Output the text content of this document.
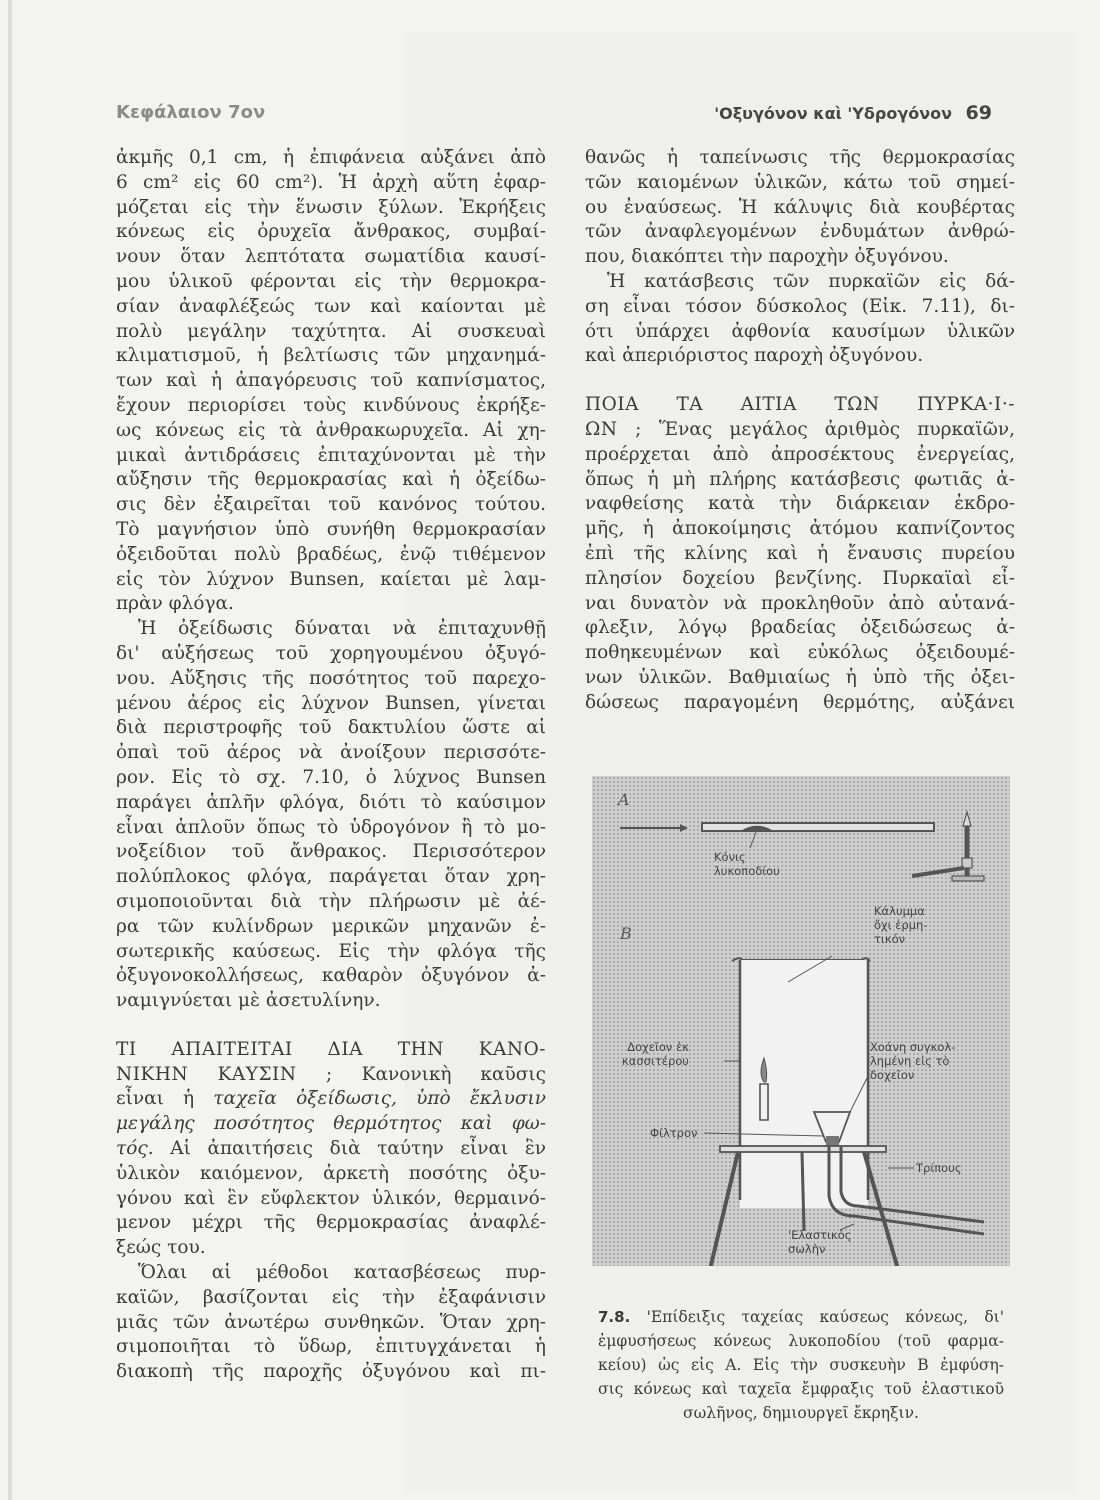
Κεφάλαιον 7ον	'Οξυγόνον καὶ 'Υδρογόνον 69
ἀκμῆς 0,1 cm, ἡ ἐπιφάνεια αὐξάνει ἀπὸ
6 cm² εἰς 60 cm²). Ἡ ἀρχὴ αὕτη ἐφαρ-
μόζεται εἰς τὴν ἕνωσιν ξύλων. Ἐκρήξεις
κόνεως εἰς ὀρυχεῖα ἄνθρακος, συμβαί-
νουν ὅταν λεπτότατα σωματίδια καυσί-
μου ὑλικοῦ φέρονται εἰς τὴν θερμοκρα-
σίαν ἀναφλέξεώς των καὶ καίονται μὲ
πολὺ μεγάλην ταχύτητα. Αἱ συσκευαὶ
κλιματισμοῦ, ἡ βελτίωσις τῶν μηχανημά-
των καὶ ἡ ἀπαγόρευσις τοῦ καπνίσματος,
ἔχουν περιορίσει τοὺς κινδύνους ἐκρήξε-
ως κόνεως εἰς τὰ ἀνθρακωρυχεῖα. Αἱ χη-
μικαὶ ἀντιδράσεις ἐπιταχύνονται μὲ τὴν
αὔξησιν τῆς θερμοκρασίας καὶ ἡ ὀξείδω-
σις δὲν ἐξαιρεῖται τοῦ κανόνος τούτου.
Τὸ μαγνήσιον ὑπὸ συνήθη θερμοκρασίαν
ὀξειδοῦται πολὺ βραδέως, ἐνῷ τιθέμενον
εἰς τὸν λύχνον Bunsen, καίεται μὲ λαμ-
πρὰν φλόγα.
Ἡ ὀξείδωσις δύναται νὰ ἐπιταχυνθῇ
δι' αὐξήσεως τοῦ χορηγουμένου ὀξυγό-
νου. Αὔξησις τῆς ποσότητος τοῦ παρεχο-
μένου ἀέρος εἰς λύχνον Bunsen, γίνεται
διὰ περιστροφῆς τοῦ δακτυλίου ὥστε αἱ
ὀπαὶ τοῦ ἀέρος νὰ ἀνοίξουν περισσότε-
ρον. Εἰς τὸ σχ. 7.10, ὁ λύχνος Bunsen
παράγει ἁπλῆν φλόγα, διότι τὸ καύσιμον
εἶναι ἁπλοῦν ὅπως τὸ ὑδρογόνον ἢ τὸ μο-
νοξείδιον τοῦ ἄνθρακος. Περισσότερον
πολύπλοκος φλόγα, παράγεται ὅταν χρη-
σιμοποιοῦνται διὰ τὴν πλήρωσιν μὲ ἀέ-
ρα τῶν κυλίνδρων μερικῶν μηχανῶν ἐ-
σωτερικῆς καύσεως. Εἰς τὴν φλόγα τῆς
ὀξυγονοκολλήσεως, καθαρὸν ὀξυγόνον ἀ-
ναμιγνύεται μὲ ἀσετυλίνην.
ΤΙ ΑΠΑΙΤΕΙΤΑΙ ΔΙΑ ΤΗΝ ΚΑΝΟ-
ΝΙΚΗΝ ΚΑΥΣΙΝ ; Κανονικὴ καῦσις
εἶναι ἡ ταχεῖα ὀξείδωσις, ὑπὸ ἔκλυσιν
μεγάλης ποσότητος θερμότητος καὶ φω-
τός. Αἱ ἀπαιτήσεις διὰ ταύτην εἶναι ἓν
ὑλικὸν καιόμενον, ἀρκετὴ ποσότης ὀξυ-
γόνου καὶ ἓν εὔφλεκτον ὑλικόν, θερμαινό-
μενον μέχρι τῆς θερμοκρασίας ἀναφλέ-
ξεώς του.
Ὅλαι αἱ μέθοδοι κατασβέσεως πυρ-
καϊῶν, βασίζονται εἰς τὴν ἐξαφάνισιν
μιᾶς τῶν ἀνωτέρω συνθηκῶν. Ὅταν χρη-
σιμοποιῆται τὸ ὕδωρ, ἐπιτυγχάνεται ἡ
διακοπὴ τῆς παροχῆς ὀξυγόνου καὶ πι-
θανῶς ἡ ταπείνωσις τῆς θερμοκρασίας
τῶν καιομένων ὑλικῶν, κάτω τοῦ σημεί-
ου ἐναύσεως. Ἡ κάλυψις διὰ κουβέρτας
τῶν ἀναφλεγομένων ἐνδυμάτων ἀνθρώ-
που, διακόπτει τὴν παροχὴν ὀξυγόνου.
Ἡ κατάσβεσις τῶν πυρκαϊῶν εἰς δά-
ση εἶναι τόσον δύσκολος (Εἰκ. 7.11), δι-
ότι ὑπάρχει ἀφθονία καυσίμων ὑλικῶν
καὶ ἀπεριόριστος παροχὴ ὀξυγόνου.
ΠΟΙΑ ΤΑ ΑΙΤΙΑ ΤΩΝ ΠΥΡΚΑ·Ι·-
ΩΝ ; Ἕνας μεγάλος ἀριθμὸς πυρκαϊῶν,
προέρχεται ἀπὸ ἀπροσέκτους ἐνεργείας,
ὅπως ἡ μὴ πλήρης κατάσβεσις φωτιᾶς ἀ-
ναφθείσης κατὰ τὴν διάρκειαν ἐκδρο-
μῆς, ἡ ἀποκοίμησις ἀτόμου καπνίζοντος
ἐπὶ τῆς κλίνης καὶ ἡ ἔναυσις πυρείου
πλησίον δοχείου βενζίνης. Πυρκαϊαὶ εἶ-
ναι δυνατὸν νὰ προκληθοῦν ἀπὸ αὐτανά-
φλεξιν, λόγῳ βραδείας ὀξειδώσεως ἀ-
ποθηκευμένων καὶ εὐκόλως ὀξειδουμέ-
νων ὑλικῶν. Βαθμιαίως ἡ ὑπὸ τῆς ὀξει-
δώσεως παραγομένη θερμότης, αὐξάνει
A
B
Κόνις
λυκοποδίου
Κάλυμμα
ὄχι ἑρμη-
τικόν
Δοχεῖον ἐκ
κασσιτέρου
Χοάνη συγκολ-
λημένη εἰς τὸ
δοχεῖον
Φίλτρον
Τρίπους
'Ελαστικὸς
σωλὴν
7.8. 'Επίδειξις ταχείας καύσεως κόνεως, δι'
ἐμφυσήσεως κόνεως λυκοποδίου (τοῦ φαρμα-
κείου) ὡς εἰς Α. Εἰς τὴν συσκευὴν Β ἐμφύση-
σις κόνεως καὶ ταχεῖα ἔμφραξις τοῦ ἐλαστικοῦ
σωλῆνος, δημιουργεῖ ἔκρηξιν.
